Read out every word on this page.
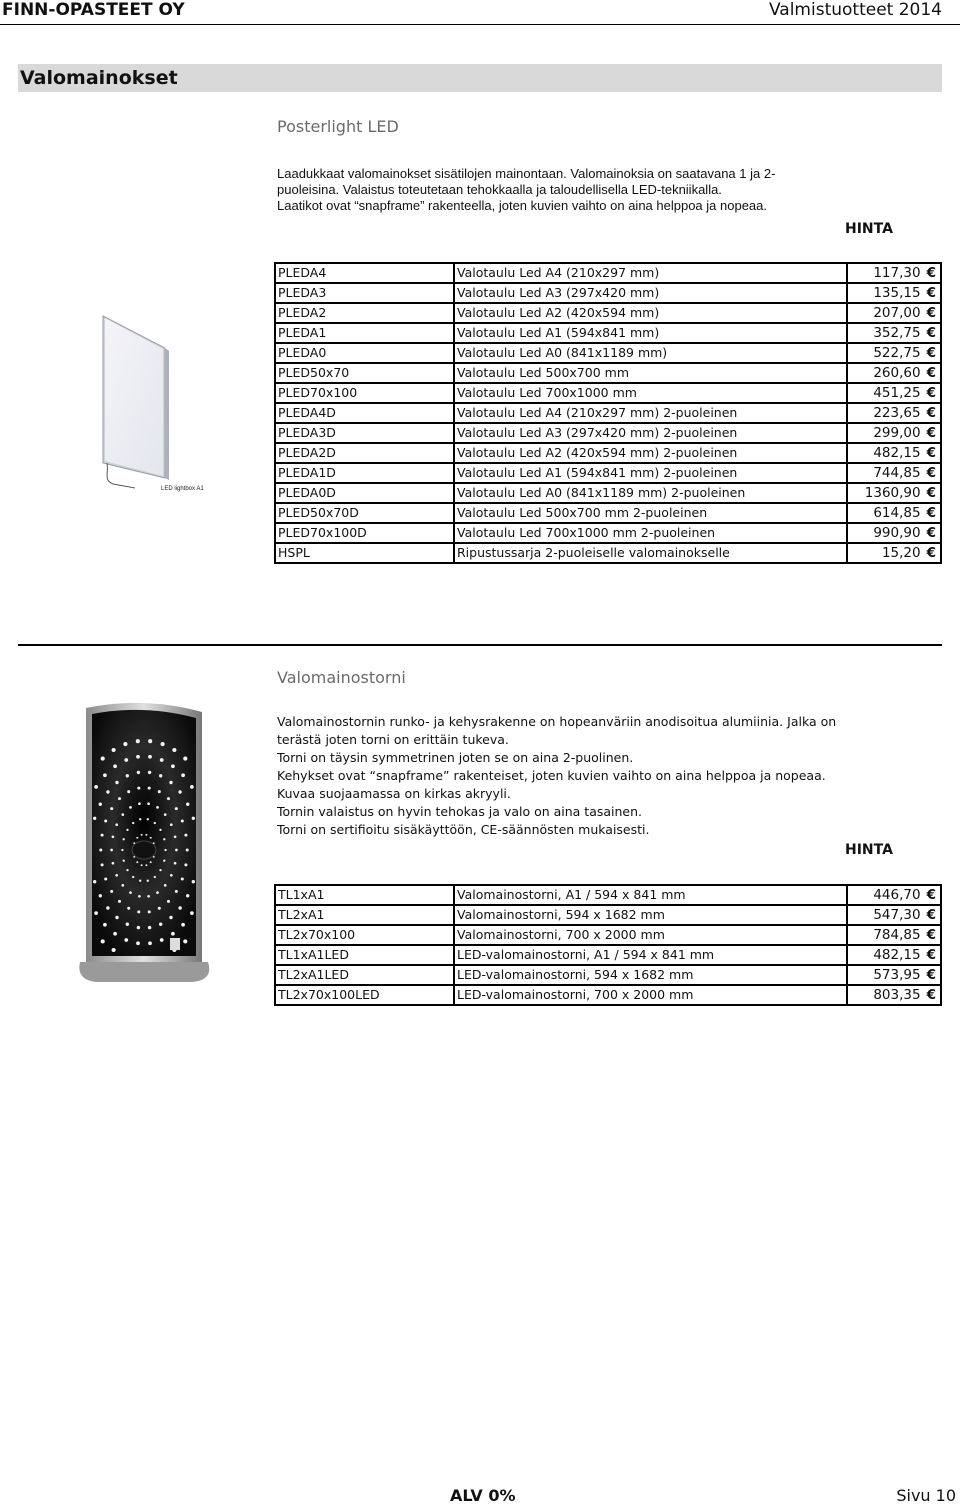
FINN-OPASTEET OY	Valmistuotteet 2014
Valomainokset
Posterlight LED
Laadukkaat valomainokset sisätilojen mainontaan. Valomainoksia on saatavana 1 ja 2-
puoleisina. Valaistus toteutetaan tehokkaalla ja taloudellisella LED-tekniikalla.
Laatikot ovat “snapframe” rakenteella, joten kuvien vaihto on aina helppoa ja nopeaa.
HINTA
LED lightbox A1
PLEDA4	Valotaulu Led A4 (210x297 mm)	117,30 €
PLEDA3	Valotaulu Led A3 (297x420 mm)	135,15 €
PLEDA2	Valotaulu Led A2 (420x594 mm)	207,00 €
PLEDA1	Valotaulu Led A1 (594x841 mm)	352,75 €
PLEDA0	Valotaulu Led A0 (841x1189 mm)	522,75 €
PLED50x70	Valotaulu Led 500x700 mm	260,60 €
PLED70x100	Valotaulu Led 700x1000 mm	451,25 €
PLEDA4D	Valotaulu Led A4 (210x297 mm) 2-puoleinen	223,65 €
PLEDA3D	Valotaulu Led A3 (297x420 mm) 2-puoleinen	299,00 €
PLEDA2D	Valotaulu Led A2 (420x594 mm) 2-puoleinen	482,15 €
PLEDA1D	Valotaulu Led A1 (594x841 mm) 2-puoleinen	744,85 €
PLEDA0D	Valotaulu Led A0 (841x1189 mm) 2-puoleinen	1360,90 €
PLED50x70D	Valotaulu Led 500x700 mm 2-puoleinen	614,85 €
PLED70x100D	Valotaulu Led 700x1000 mm 2-puoleinen	990,90 €
HSPL	Ripustussarja 2-puoleiselle valomainokselle	15,20 €
Valomainostorni

Valomainostornin runko- ja kehysrakenne on hopeanväriin anodisoitua alumiinia. Jalka on terästä joten torni on erittäin tukeva.

Torni on täysin symmetrinen joten se on aina 2-puolinen.

Kehykset ovat “snapframe” rakenteiset, joten kuvien vaihto on aina helppoa ja nopeaa. Kuvaa suojaamassa on kirkas akryyli.

Tornin valaistus on hyvin tehokas ja valo on aina tasainen.

Torni on sertifioitu sisäkäyttöön, CE-säännösten mukaisesti.

HINTA
TL1xA1	Valomainostorni, A1 / 594 x 841 mm	446,70 €
TL2xA1	Valomainostorni, 594 x 1682 mm	547,30 €
TL2x70x100	Valomainostorni, 700 x 2000 mm	784,85 €
TL1xA1LED	LED-valomainostorni, A1 / 594 x 841 mm	482,15 €
TL2xA1LED	LED-valomainostorni, 594 x 1682 mm	573,95 €
TL2x70x100LED	LED-valomainostorni, 700 x 2000 mm	803,35 €
ALV 0%	Sivu 10
